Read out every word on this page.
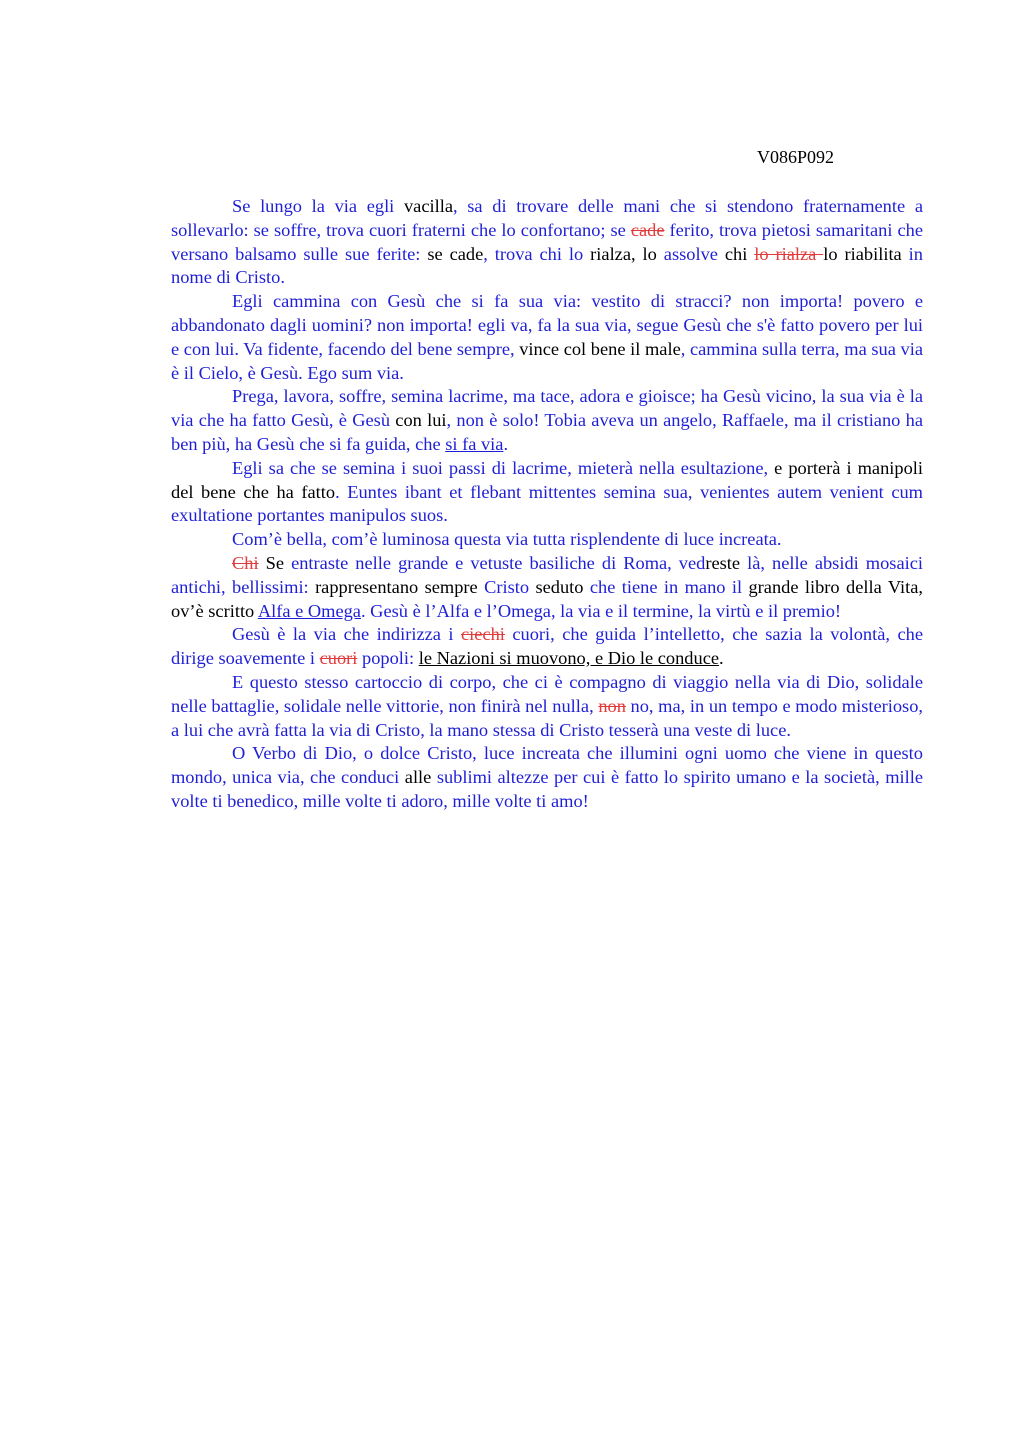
V086P092

Se lungo la via egli vacilla, sa di trovare delle mani che si stendono fraternamente a sollevarlo: se soffre, trova cuori fraterni che lo confortano; se cade ferito, trova pietosi samaritani che versano balsamo sulle sue ferite: se cade, trova chi lo rialza, lo assolve chi lo rialza lo riabilita in nome di Cristo.

Egli cammina con Gesù che si fa sua via: vestito di stracci? non importa! povero e abbandonato dagli uomini? non importa! egli va, fa la sua via, segue Gesù che s'è fatto povero per lui e con lui. Va fidente, facendo del bene sempre, vince col bene il male, cammina sulla terra, ma sua via è il Cielo, è Gesù. Ego sum via.

Prega, lavora, soffre, semina lacrime, ma tace, adora e gioisce; ha Gesù vicino, la sua via è la via che ha fatto Gesù, è Gesù con lui, non è solo! Tobia aveva un angelo, Raffaele, ma il cristiano ha ben più, ha Gesù che si fa guida, che si fa via.

Egli sa che se semina i suoi passi di lacrime, mieterà nella esultazione, e porterà i manipoli del bene che ha fatto. Euntes ibant et flebant mittentes semina sua, venientes autem venient cum exultatione portantes manipulos suos.

Com’è bella, com’è luminosa questa via tutta risplendente di luce increata.

Chi Se entraste nelle grande e vetuste basiliche di Roma, vedreste là, nelle absidi mosaici antichi, bellissimi: rappresentano sempre Cristo seduto che tiene in mano il grande libro della Vita, ov’è scritto Alfa e Omega. Gesù è l’Alfa e l’Omega, la via e il termine, la virtù e il premio!

Gesù è la via che indirizza i ciechi cuori, che guida l’intelletto, che sazia la volontà, che dirige soavemente i cuori popoli: le Nazioni si muovono, e Dio le conduce.

E questo stesso cartoccio di corpo, che ci è compagno di viaggio nella via di Dio, solidale nelle battaglie, solidale nelle vittorie, non finirà nel nulla, non no, ma, in un tempo e modo misterioso, a lui che avrà fatta la via di Cristo, la mano stessa di Cristo tesserà una veste di luce.

O Verbo di Dio, o dolce Cristo, luce increata che illumini ogni uomo che viene in questo mondo, unica via, che conduci alle sublimi altezze per cui è fatto lo spirito umano e la società, mille volte ti benedico, mille volte ti adoro, mille volte ti amo!
